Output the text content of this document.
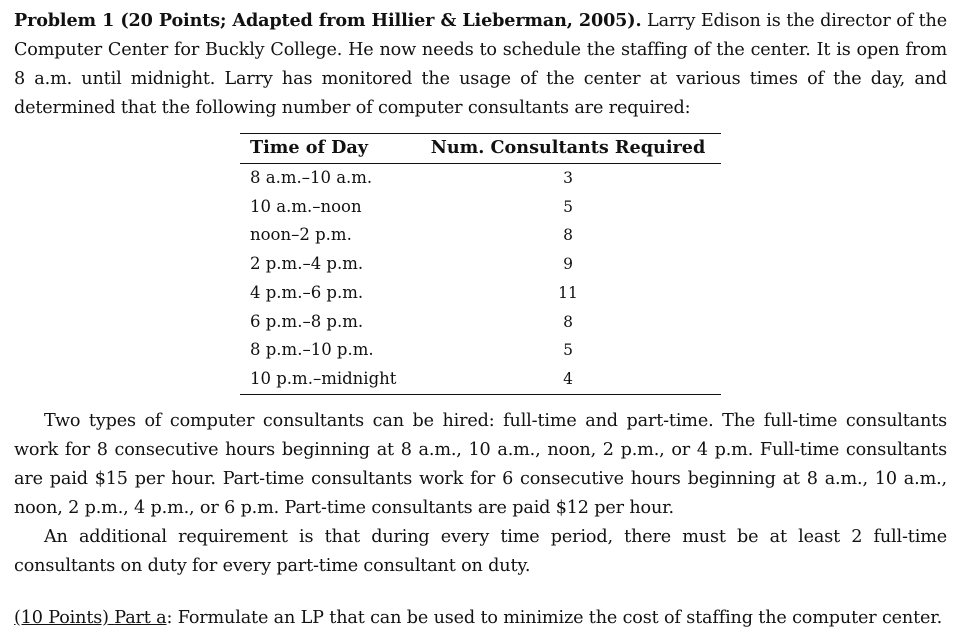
Problem 1 (20 Points; Adapted from Hillier & Lieberman, 2005). Larry Edison is the director of the Computer Center for Buckly College. He now needs to schedule the staffing of the center. It is open from 8 a.m. until midnight. Larry has monitored the usage of the center at various times of the day, and determined that the following number of computer consultants are required:

Time of Day	Num. Consultants Required
8 a.m.–10 a.m.	3
10 a.m.–noon	5
noon–2 p.m.	8
2 p.m.–4 p.m.	9
4 p.m.–6 p.m.	11
6 p.m.–8 p.m.	8
8 p.m.–10 p.m.	5
10 p.m.–midnight	4

Two types of computer consultants can be hired: full-time and part-time. The full-time consultants work for 8 consecutive hours beginning at 8 a.m., 10 a.m., noon, 2 p.m., or 4 p.m. Full-time consultants are paid $15 per hour. Part-time consultants work for 6 consecutive hours beginning at 8 a.m., 10 a.m., noon, 2 p.m., 4 p.m., or 6 p.m. Part-time consultants are paid $12 per hour.

An additional requirement is that during every time period, there must be at least 2 full-time consultants on duty for every part-time consultant on duty.

(10 Points) Part a: Formulate an LP that can be used to minimize the cost of staffing the computer center.
